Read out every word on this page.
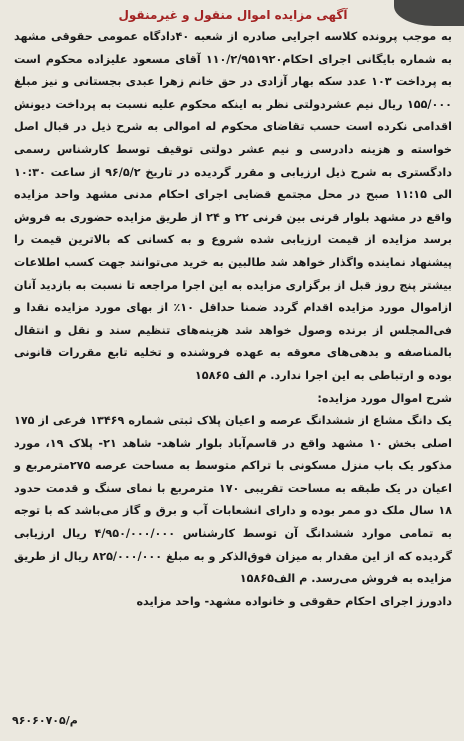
آگهی مزایده اموال منقول و غیرمنقول

به موجب پرونده کلاسه اجرایی صادره از شعبه ۴۰دادگاه عمومی حقوقی مشهد به شماره بایگانی اجرای احکام۱۱۰/۲/۹۵۱۹۲۰ آقای مسعود علیزاده محکوم است به پرداخت ۱۰۳ عدد سکه بهار آزادی در حق خانم زهرا عبدی بجستانی و نیز مبلغ ۱۵۵/۰۰۰ ریال نیم عشردولتی نظر به اینکه محکوم علیه نسبت به پرداخت دیونش اقدامی نکرده است حسب تقاضای محکوم له اموالی به شرح ذیل در قبال اصل خواسته و هزینه دادرسی و نیم عشر دولتی توقیف توسط کارشناس رسمی دادگستری به شرح ذیل ارزیابی و مقرر گردیده در تاریخ ۹۶/۵/۲ از ساعت ۱۰:۳۰ الی ۱۱:۱۵ صبح در محل مجتمع قضایی اجرای احکام مدنی مشهد واحد مزایده واقع در مشهد بلوار قرنی بین قرنی ۲۲ و ۲۴ از طریق مزایده حضوری به فروش برسد مزایده از قیمت ارزیابی شده شروع و به کسانی که بالاترین قیمت را پیشنهاد نماینده واگذار خواهد شد طالبین به خرید می‌توانند جهت کسب اطلاعات بیشتر پنج روز قبل از برگزاری مزایده به این اجرا مراجعه تا نسبت به بازدید آنان ازاموال مورد مزایده اقدام گردد ضمنا حداقل ۱۰٪ از بهای مورد مزایده نقدا و فی‌المجلس از برنده وصول خواهد شد هزینه‌های تنظیم سند و نقل و انتقال بالمناصفه و بدهی‌های معوقه به عهده فروشنده و تخلیه تابع مقررات قانونی بوده و ارتباطی به این اجرا ندارد. م الف ۱۵۸۶۵

شرح اموال مورد مزایده:

یک دانگ مشاع از ششدانگ عرصه و اعیان پلاک ثبتی شماره ۱۳۴۶۹ فرعی از ۱۷۵ اصلی بخش ۱۰ مشهد واقع در قاسم‌آباد بلوار شاهد- شاهد ۲۱- پلاک ۱۹، مورد مذکور یک باب منزل مسکونی با تراکم متوسط به مساحت عرصه ۲۷۵مترمربع و اعیان در یک طبقه به مساحت تقریبی ۱۷۰ مترمربع با نمای سنگ و قدمت حدود ۱۸ سال ملک دو ممر بوده و دارای انشعابات آب و برق و گاز می‌باشد که با توجه به تمامی موارد ششدانگ آن توسط کارشناس ۴/۹۵۰/۰۰۰/۰۰۰ ریال ارزیابی گردیده که از این مقدار به میزان فوق‌الذکر و به مبلغ ۸۲۵/۰۰۰/۰۰۰ ریال از طریق مزایده به فروش می‌رسد. م الف۱۵۸۶۵

دادورز اجرای احکام حقوقی و خانواده مشهد- واحد مزایده

م/۹۶۰۶۰۷۰۵
